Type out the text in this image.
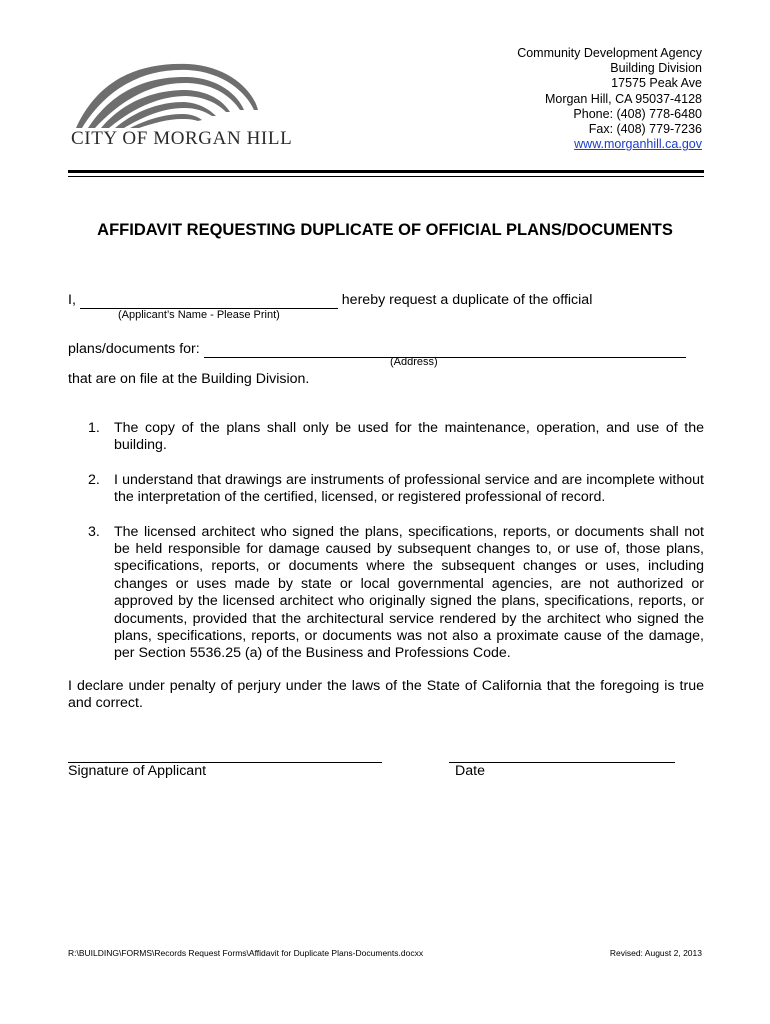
CITY OF MORGAN HILL
Community Development Agency
Building Division
17575 Peak Ave
Morgan Hill, CA 95037-4128
Phone: (408) 778-6480
Fax: (408) 779-7236
www.morganhill.ca.gov
AFFIDAVIT REQUESTING DUPLICATE OF OFFICIAL PLANS/DOCUMENTS
I,	hereby request a duplicate of the official
(Applicant’s Name - Please Print)
plans/documents for:
(Address)
that are on file at the Building Division.
1. The copy of the plans shall only be used for the maintenance, operation, and use of the building.
2. I understand that drawings are instruments of professional service and are incomplete without the interpretation of the certified, licensed, or registered professional of record.
3. The licensed architect who signed the plans, specifications, reports, or documents shall not be held responsible for damage caused by subsequent changes to, or use of, those plans, specifications, reports, or documents where the subsequent changes or uses, including changes or uses made by state or local governmental agencies, are not authorized or approved by the licensed architect who originally signed the plans, specifications, reports, or documents, provided that the architectural service rendered by the architect who signed the plans, specifications, reports, or documents was not also a proximate cause of the damage, per Section 5536.25 (a) of the Business and Professions Code.
I declare under penalty of perjury under the laws of the State of California that the foregoing is true and correct.
Signature of Applicant	Date
R:\BUILDING\FORMS\Records Request Forms\Affidavit for Duplicate Plans-Documents.docxx	Revised: August 2, 2013
